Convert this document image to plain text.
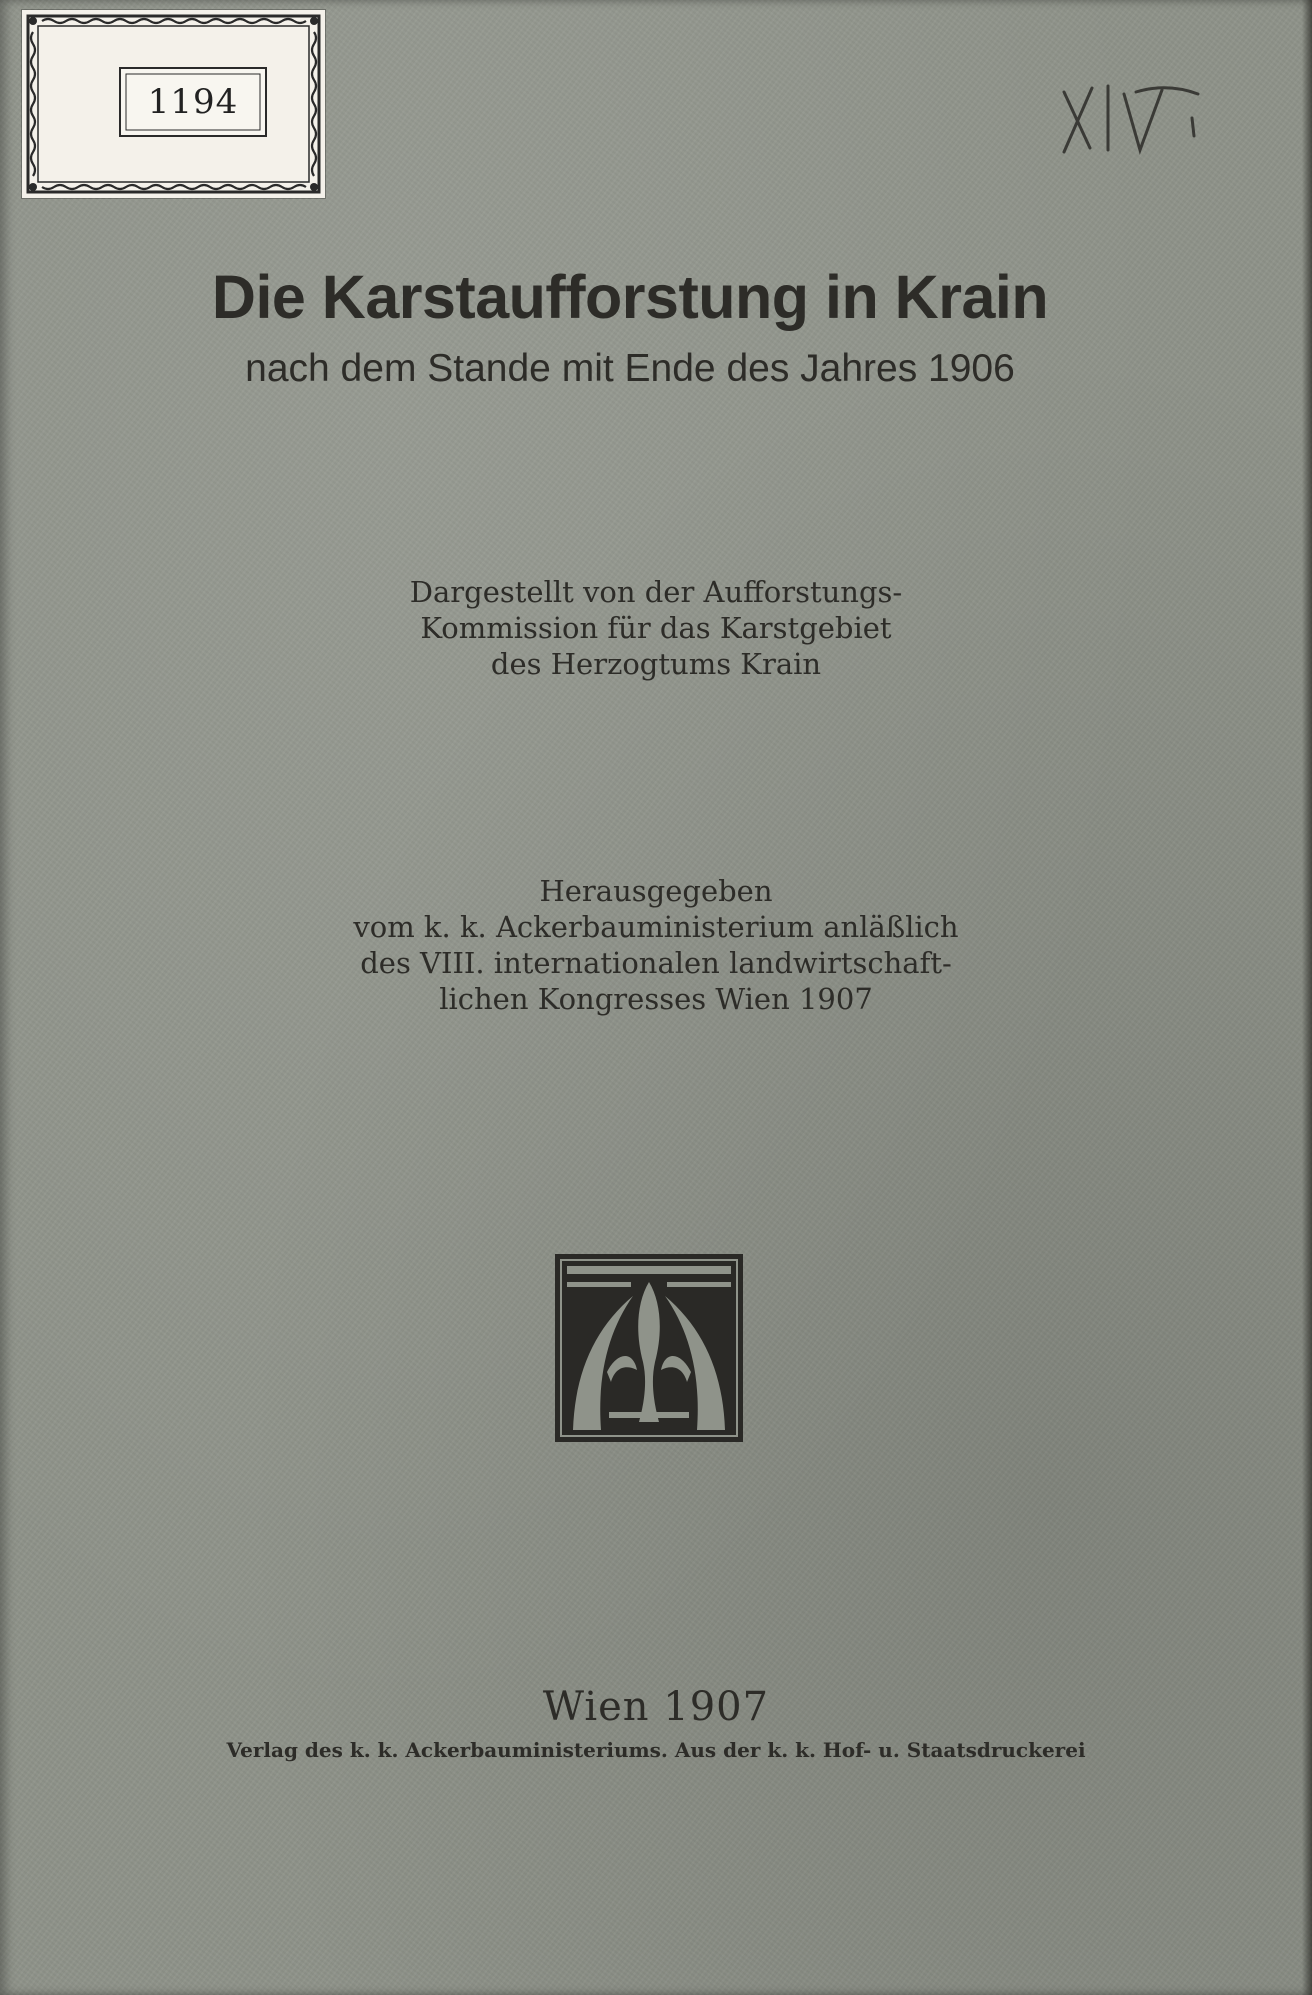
1194
XIV
Die Karstaufforstung in Krain
nach dem Stande mit Ende des Jahres 1906
Dargestellt von der Aufforstungs-
Kommission für das Karstgebiet
des Herzogtums Krain
Herausgegeben
vom k. k. Ackerbauministerium anläßlich
des VIII. internationalen landwirtschaft-
lichen Kongresses Wien 1907
Wien 1907
Verlag des k. k. Ackerbauministeriums. Aus der k. k. Hof- u. Staatsdruckerei
